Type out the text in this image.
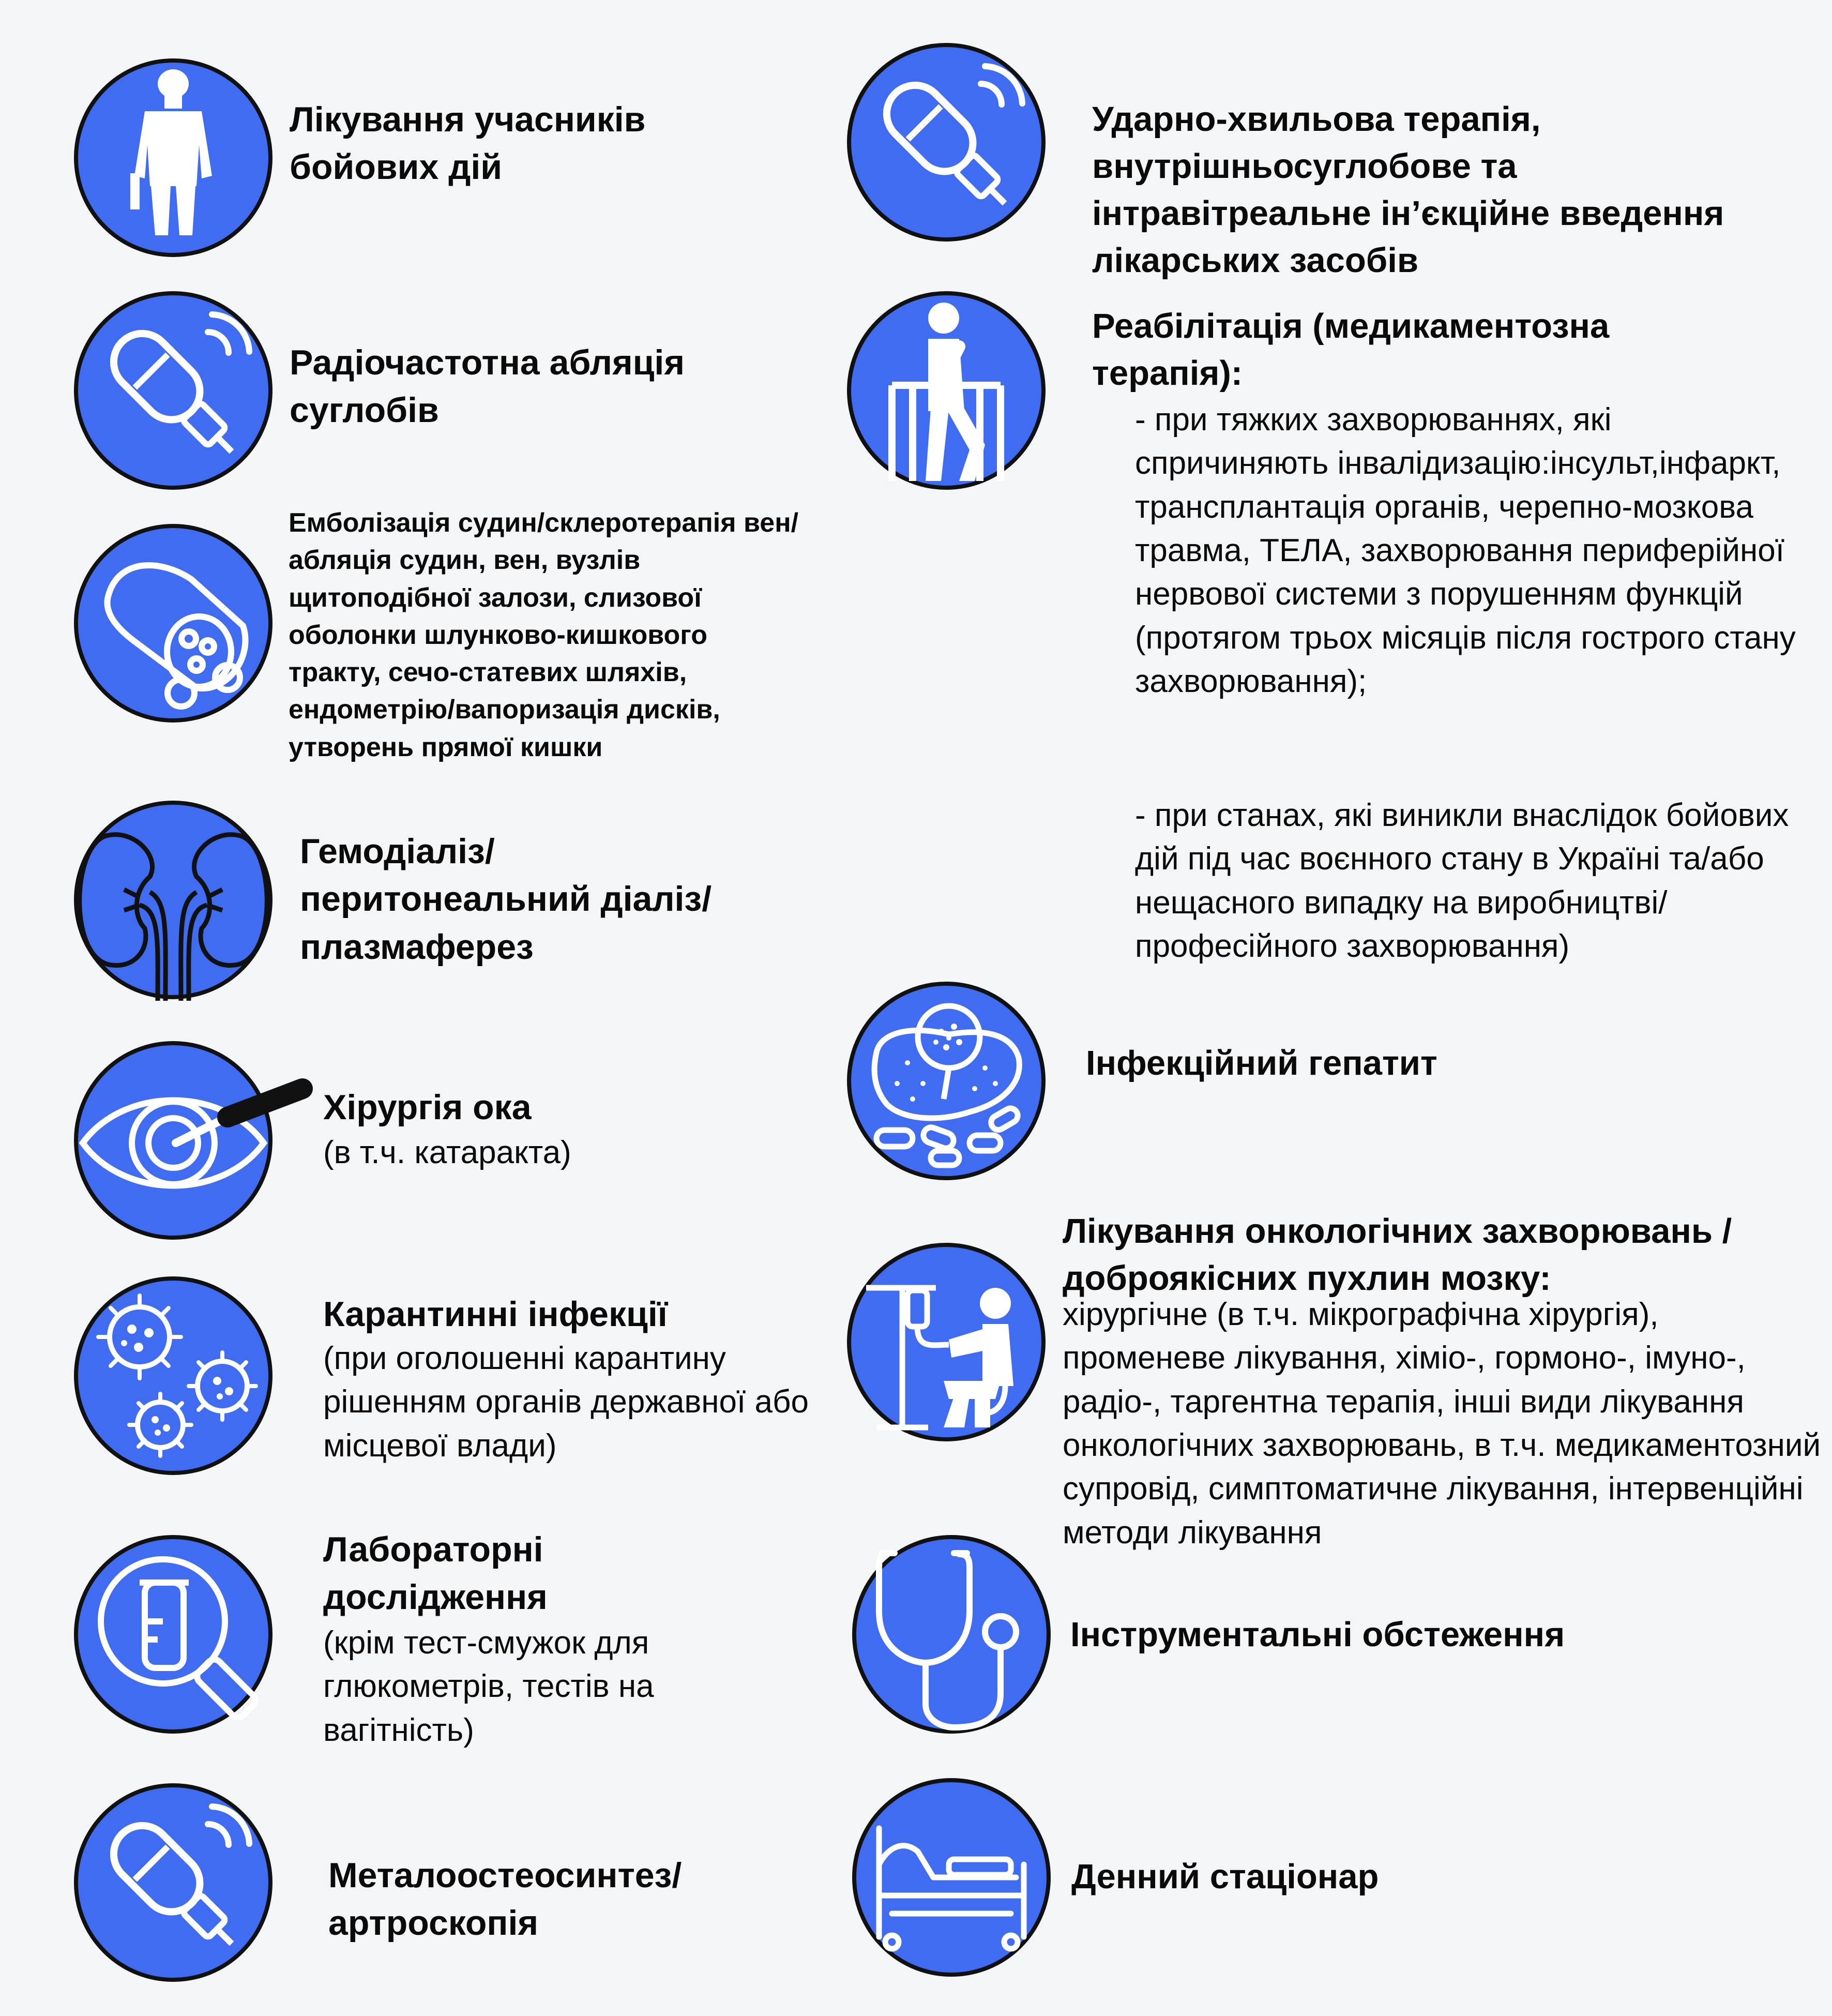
Лікування учасників бойових дій
Радіочастотна абляція суглобів
Емболізація судин/склеротерапія вен/абляція судин, вен, вузлів щитоподібної залози, слизової оболонки шлунково-кишкового тракту, сечо-статевих шляхів, ендометрію/вапоризація дисків, утворень прямої кишки
Гемодіаліз/ перитонеальний діаліз/плазмаферез
Хірургія ока
(в т.ч. катаракта)
Карантинні інфекції
(при оголошенні карантину рішенням органів державної або місцевої влади)
Лабораторні дослідження
(крім тест-смужок для глюкометрів, тестів на вагітність)
Металоостеосинтез/ артроскопія
Ударно-хвильова терапія, внутрішньосуглобове та інтравітреальне ін’єкційне введення лікарських засобів
Реабілітація (медикаментозна терапія):
- при тяжких захворюваннях, які спричиняють інвалідизацію:інсульт,інфаркт, трансплантація органів, черепно-мозкова травма, ТЕЛА, захворювання периферійної нервової системи з порушенням функцій (протягом трьох місяців після гострого стану захворювання);
- при станах, які виникли внаслідок бойових дій під час воєнного стану в Україні та/або нещасного випадку на виробництві/ професійного захворювання)
Інфекційний гепатит
Лікування онкологічних захворювань /доброякісних пухлин мозку:
хірургічне (в т.ч. мікрографічна хірургія), променеве лікування, хіміо-, гормоно-, імуно-, радіо-, таргентна терапія, інші види лікування онкологічних захворювань, в т.ч. медикаментозний супровід, симптоматичне лікування, інтервенційні методи лікування
Інструментальні обстеження
Денний стаціонар
